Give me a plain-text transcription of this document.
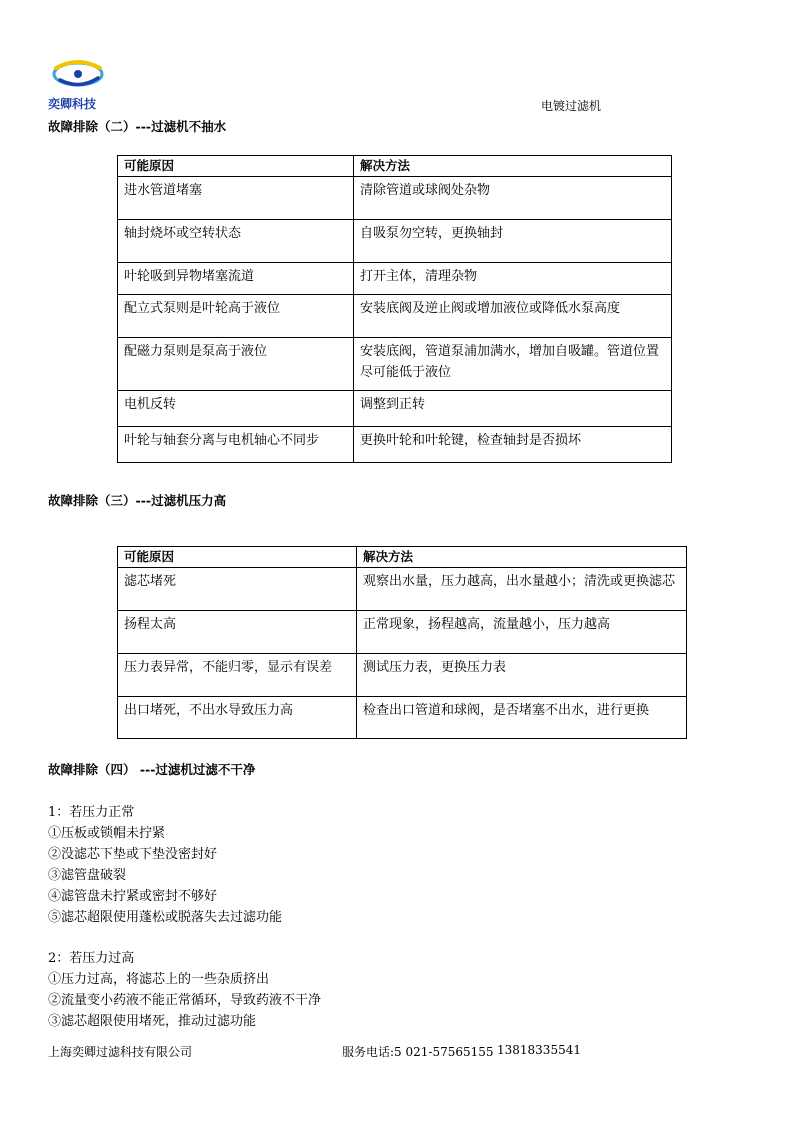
奕卿科技	电镀过滤机
故障排除（二）---过滤机不抽水
可能原因	解决方法
进水管道堵塞	清除管道或球阀处杂物
轴封烧坏或空转状态	自吸泵勿空转，更换轴封
叶轮吸到异物堵塞流道	打开主体，清理杂物
配立式泵则是叶轮高于液位	安装底阀及逆止阀或增加液位或降低水泵高度
配磁力泵则是泵高于液位	安装底阀，管道泵浦加满水，增加自吸罐。管道位置尽可能低于液位
电机反转	调整到正转
叶轮与轴套分离与电机轴心不同步	更换叶轮和叶轮键，检查轴封是否损坏
故障排除（三）---过滤机压力高
可能原因	解决方法
滤芯堵死	观察出水量，压力越高，出水量越小；清洗或更换滤芯
扬程太高	正常现象，扬程越高，流量越小，压力越高
压力表异常，不能归零，显示有误差	测试压力表，更换压力表
出口堵死，不出水导致压力高	检查出口管道和球阀，是否堵塞不出水，进行更换
故障排除（四） ---过滤机过滤不干净
1：若压力正常
①压板或锁帽未拧紧
②没滤芯下垫或下垫没密封好
③滤管盘破裂
④滤管盘未拧紧或密封不够好
⑤滤芯超限使用蓬松或脱落失去过滤功能
2：若压力过高
①压力过高，将滤芯上的一些杂质挤出
②流量变小药液不能正常循环，导致药液不干净
③滤芯超限使用堵死，推动过滤功能
上海奕卿过滤科技有限公司	服务电话:5 021-57565155 13818335541
